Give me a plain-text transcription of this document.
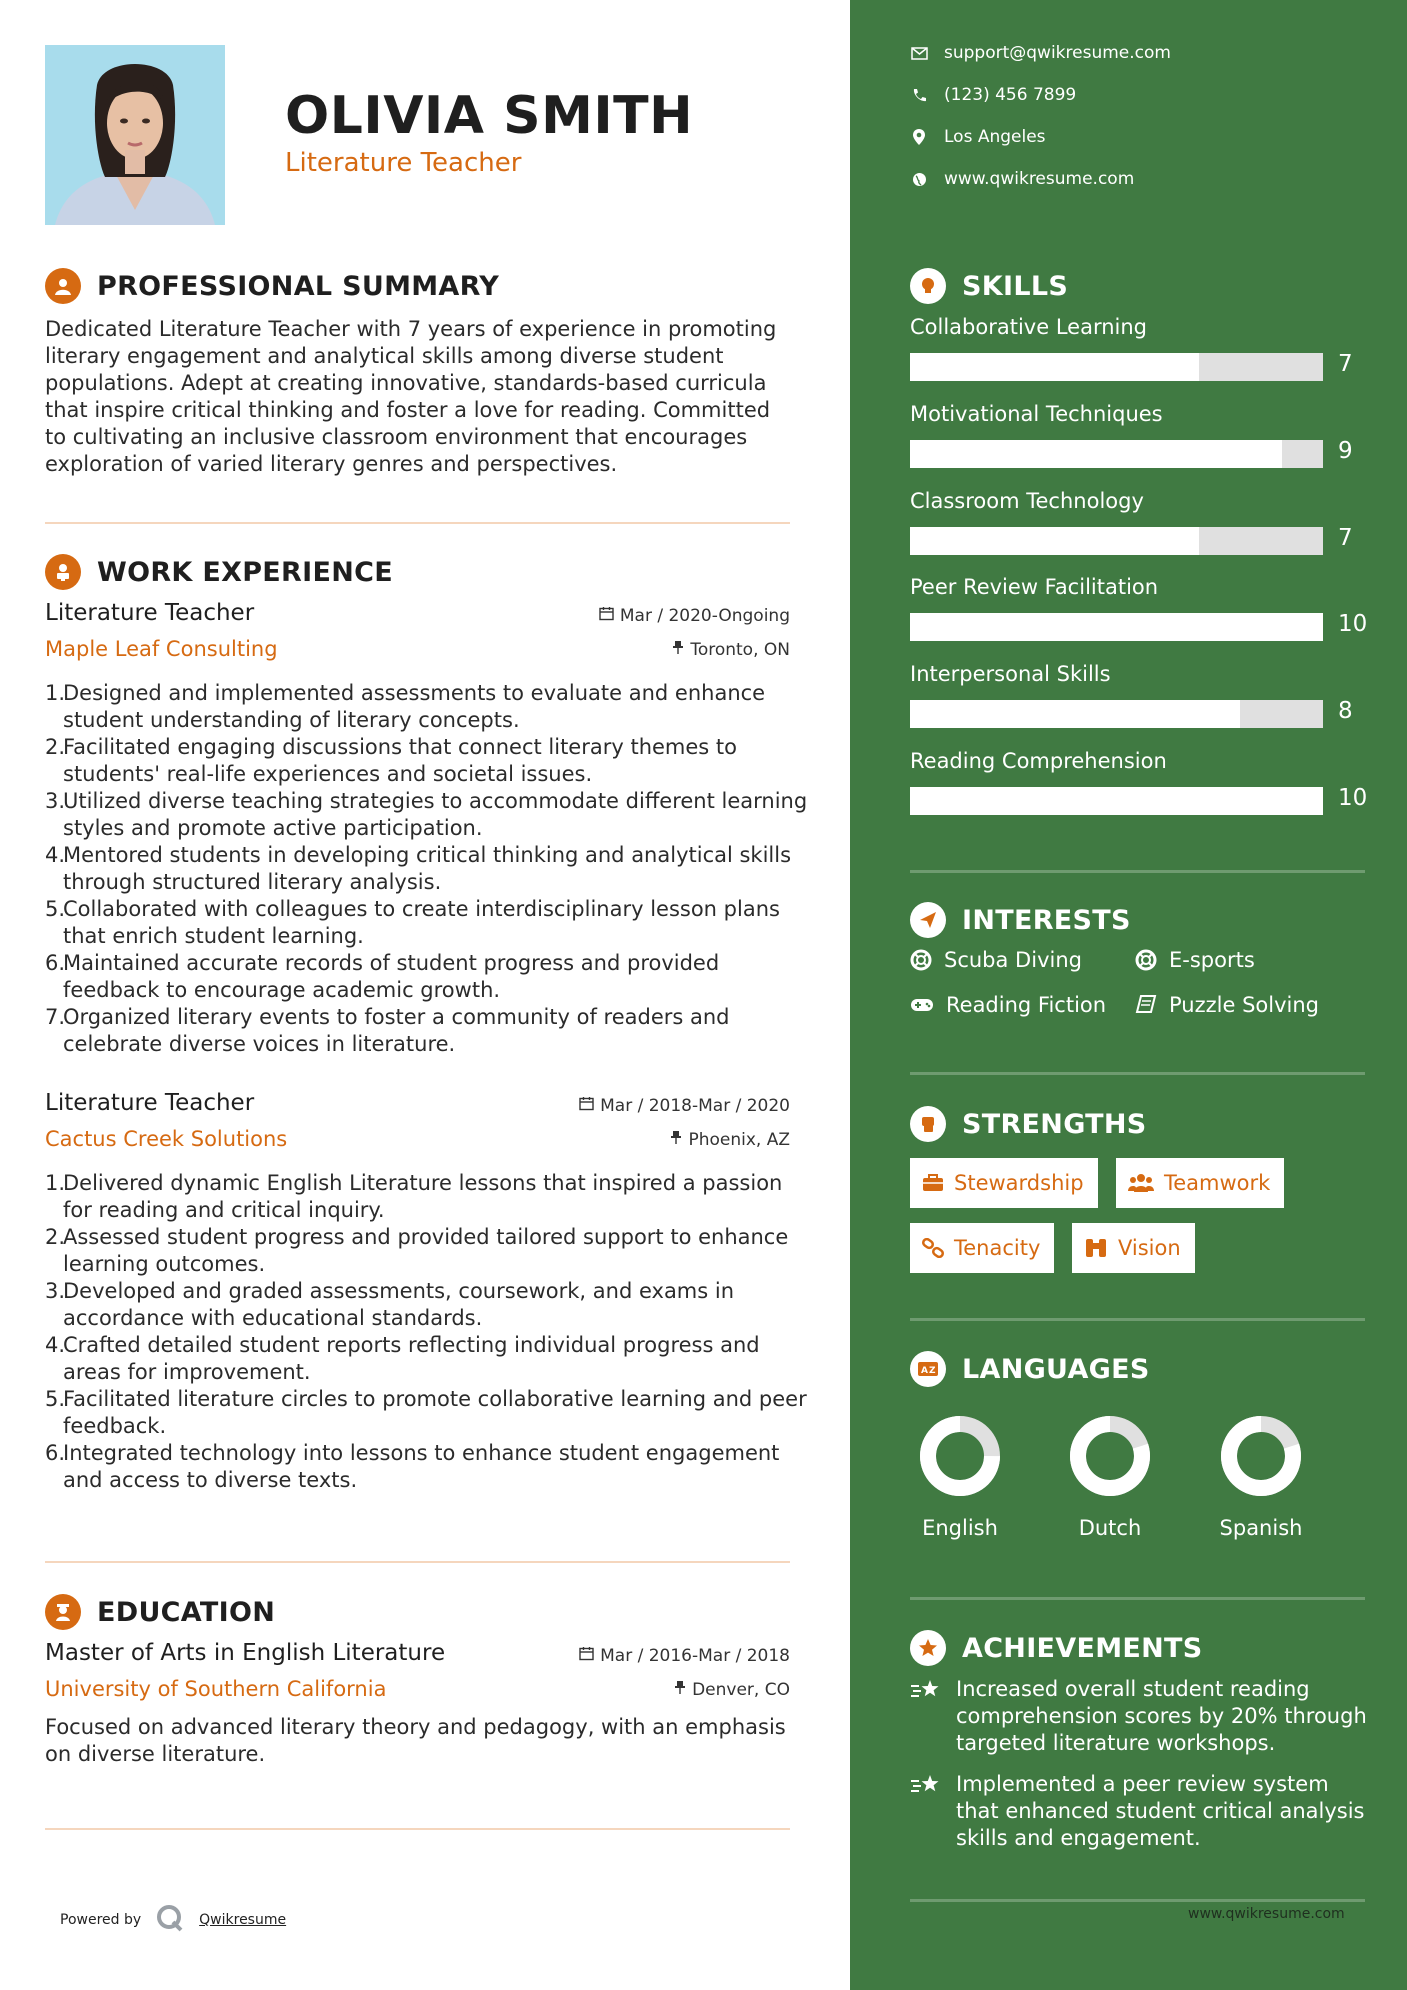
OLIVIA SMITH
Literature Teacher
PROFESSIONAL SUMMARY
Dedicated Literature Teacher with 7 years of experience in promoting literary engagement and analytical skills among diverse student populations. Adept at creating innovative, standards-based curricula that inspire critical thinking and foster a love for reading. Committed to cultivating an inclusive classroom environment that encourages exploration of varied literary genres and perspectives.
WORK EXPERIENCE
Literature Teacher
Maple Leaf Consulting
Mar / 2020-Ongoing
Toronto, ON
1.
Designed and implemented assessments to evaluate and enhance student understanding of literary concepts.
2.
Facilitated engaging discussions that connect literary themes to students' real-life experiences and societal issues.
3.
Utilized diverse teaching strategies to accommodate different learning styles and promote active participation.
4.
Mentored students in developing critical thinking and analytical skills through structured literary analysis.
5.
Collaborated with colleagues to create interdisciplinary lesson plans that enrich student learning.
6.
Maintained accurate records of student progress and provided feedback to encourage academic growth.
7.
Organized literary events to foster a community of readers and celebrate diverse voices in literature.
Literature Teacher
Cactus Creek Solutions
Mar / 2018-Mar / 2020
Phoenix, AZ
1.
Delivered dynamic English Literature lessons that inspired a passion for reading and critical inquiry.
2.
Assessed student progress and provided tailored support to enhance learning outcomes.
3.
Developed and graded assessments, coursework, and exams in accordance with educational standards.
4.
Crafted detailed student reports reflecting individual progress and areas for improvement.
5.
Facilitated literature circles to promote collaborative learning and peer feedback.
6.
Integrated technology into lessons to enhance student engagement and access to diverse texts.
EDUCATION
Master of Arts in English Literature
University of Southern California
Mar / 2016-Mar / 2018
Denver, CO
Focused on advanced literary theory and pedagogy, with an emphasis on diverse literature.
Powered by	Qwikresume
support@qwikresume.com
(123) 456 7899
Los Angeles
www.qwikresume.com
SKILLS
Collaborative Learning
7
Motivational Techniques
9
Classroom Technology
7
Peer Review Facilitation
10
Interpersonal Skills
8
Reading Comprehension
10
INTERESTS
Scuba Diving	E-sports
Reading Fiction	Puzzle Solving
STRENGTHS
Stewardship	Teamwork
Tenacity	Vision
A Z LANGUAGES
English	Dutch	Spanish
ACHIEVEMENTS
Increased overall student reading comprehension scores by 20% through targeted literature workshops.
Implemented a peer review system that enhanced student critical analysis skills and engagement.
www.qwikresume.com
